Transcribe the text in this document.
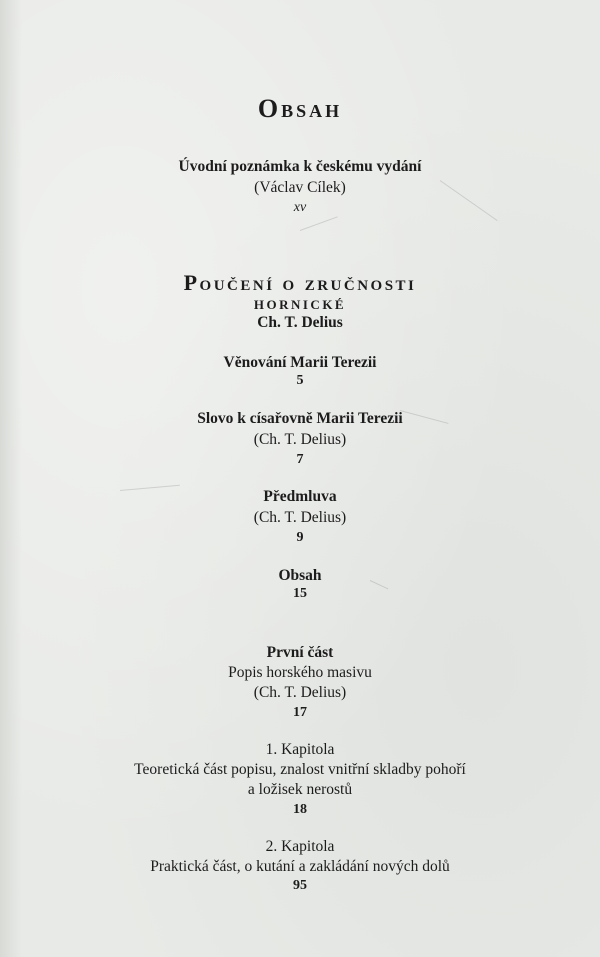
Obsah
Úvodní poznámka k českému vydání
(Václav Cílek)
xv
Poučení o zručnosti
hornické
Ch. T. Delius
Věnování Marii Terezii
5
Slovo k císařovně Marii Terezii
(Ch. T. Delius)
7
Předmluva
(Ch. T. Delius)
9
Obsah
15
První část
Popis horského masivu
(Ch. T. Delius)
17
1. Kapitola
Teoretická část popisu, znalost vnitřní skladby pohoří
a ložisek nerostů
18
2. Kapitola
Praktická část, o kutání a zakládání nových dolů
95
